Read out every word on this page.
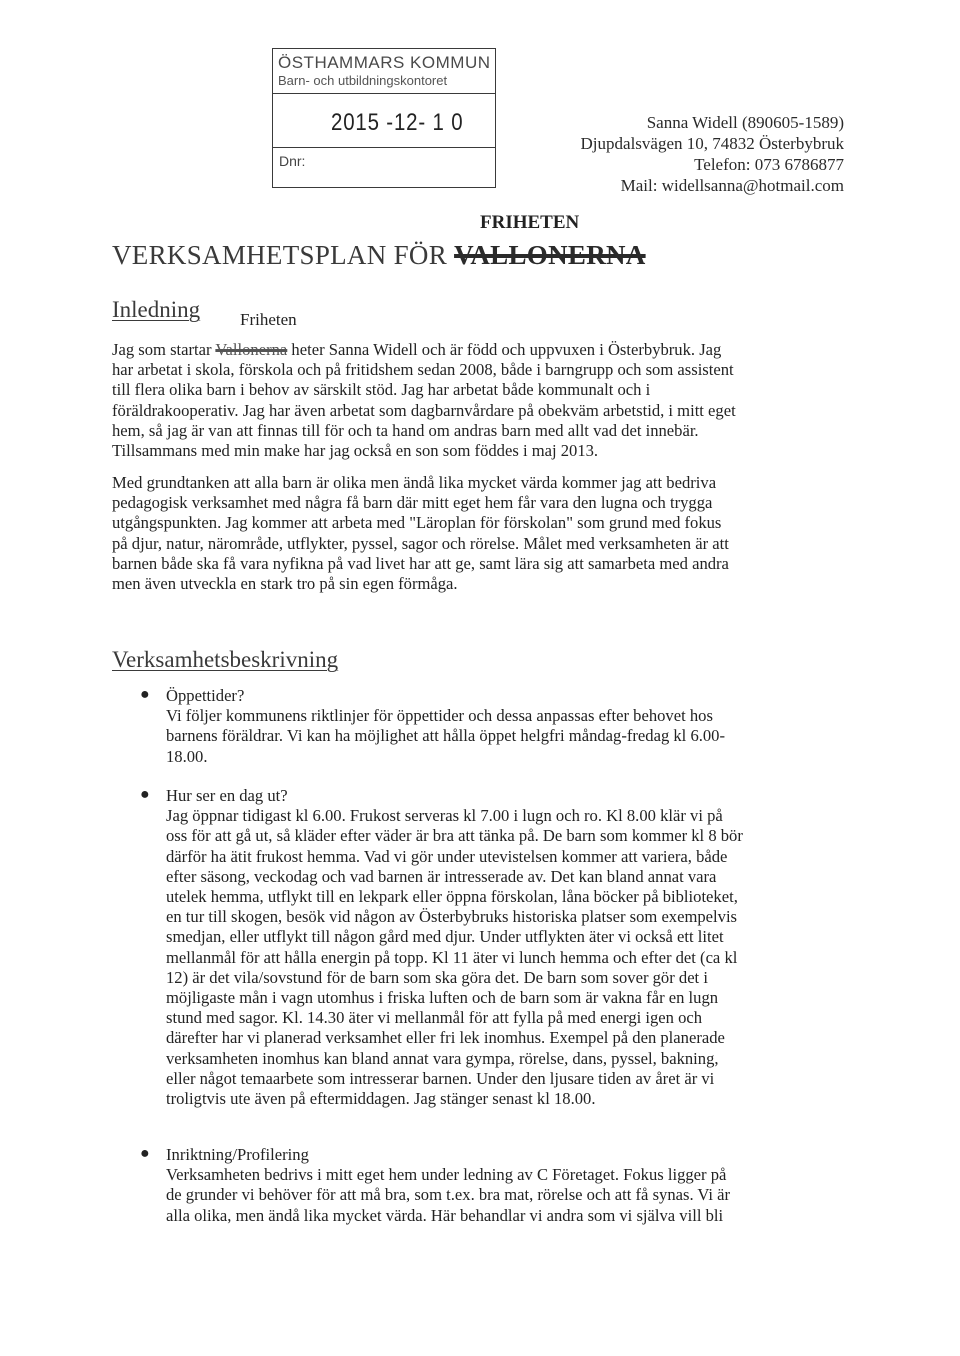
ÖSTHAMMARS KOMMUN
Barn- och utbildningskontoret
2015 -12- 1 0
Dnr:
Sanna Widell (890605-1589)
Djupdalsvägen 10, 74832 Österbybruk
Telefon: 073 6786877
Mail: widellsanna@hotmail.com
FRIHETEN
VERKSAMHETSPLAN FÖR VALLONERNA
Inledning Friheten
Jag som startar Vallonerna heter Sanna Widell och är född och uppvuxen i Österbybruk. Jag
har arbetat i skola, förskola och på fritidshem sedan 2008, både i barngrupp och som assistent
till flera olika barn i behov av särskilt stöd. Jag har arbetat både kommunalt och i
föräldrakooperativ. Jag har även arbetat som dagbarnvårdare på obekväm arbetstid, i mitt eget
hem, så jag är van att finnas till för och ta hand om andras barn med allt vad det innebär.
Tillsammans med min make har jag också en son som föddes i maj 2013.
Med grundtanken att alla barn är olika men ändå lika mycket värda kommer jag att bedriva
pedagogisk verksamhet med några få barn där mitt eget hem får vara den lugna och trygga
utgångspunkten. Jag kommer att arbeta med "Läroplan för förskolan" som grund med fokus
på djur, natur, närområde, utflykter, pyssel, sagor och rörelse. Målet med verksamheten är att
barnen både ska få vara nyfikna på vad livet har att ge, samt lära sig att samarbeta med andra
men även utveckla en stark tro på sin egen förmåga.
Verksamhetsbeskrivning
● Öppettider?
Vi följer kommunens riktlinjer för öppettider och dessa anpassas efter behovet hos
barnens föräldrar. Vi kan ha möjlighet att hålla öppet helgfri måndag-fredag kl 6.00-
18.00.
● Hur ser en dag ut?
Jag öppnar tidigast kl 6.00. Frukost serveras kl 7.00 i lugn och ro. Kl 8.00 klär vi på
oss för att gå ut, så kläder efter väder är bra att tänka på. De barn som kommer kl 8 bör
därför ha ätit frukost hemma. Vad vi gör under utevistelsen kommer att variera, både
efter säsong, veckodag och vad barnen är intresserade av. Det kan bland annat vara
utelek hemma, utflykt till en lekpark eller öppna förskolan, låna böcker på biblioteket,
en tur till skogen, besök vid någon av Österbybruks historiska platser som exempelvis
smedjan, eller utflykt till någon gård med djur. Under utflykten äter vi också ett litet
mellanmål för att hålla energin på topp. Kl 11 äter vi lunch hemma och efter det (ca kl
12) är det vila/sovstund för de barn som ska göra det. De barn som sover gör det i
möjligaste mån i vagn utomhus i friska luften och de barn som är vakna får en lugn
stund med sagor. Kl. 14.30 äter vi mellanmål för att fylla på med energi igen och
därefter har vi planerad verksamhet eller fri lek inomhus. Exempel på den planerade
verksamheten inomhus kan bland annat vara gympa, rörelse, dans, pyssel, bakning,
eller något temaarbete som intresserar barnen. Under den ljusare tiden av året är vi
troligtvis ute även på eftermiddagen. Jag stänger senast kl 18.00.
● Inriktning/Profilering
Verksamheten bedrivs i mitt eget hem under ledning av C Företaget. Fokus ligger på
de grunder vi behöver för att må bra, som t.ex. bra mat, rörelse och att få synas. Vi är
alla olika, men ändå lika mycket värda. Här behandlar vi andra som vi själva vill bli
